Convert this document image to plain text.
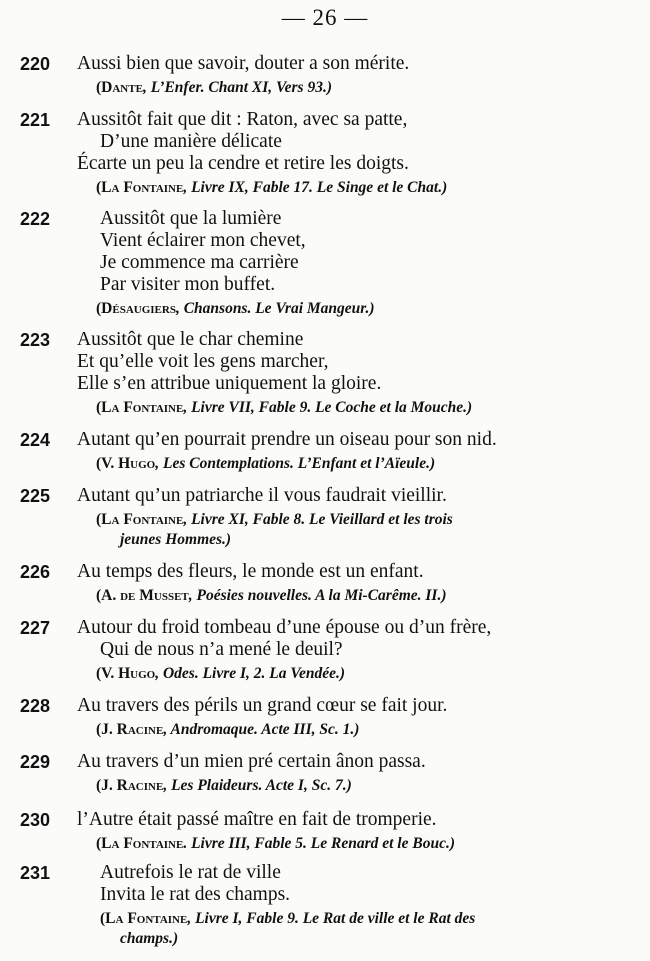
— 26 —
220	Aussi bien que savoir, douter a son mérite.
(Dante, L’Enfer. Chant XI, Vers 93.)
221	Aussitôt fait que dit : Raton, avec sa patte,
D’une manière délicate
Écarte un peu la cendre et retire les doigts.
(La Fontaine, Livre IX, Fable 17. Le Singe et le Chat.)
222	Aussitôt que la lumière
Vient éclairer mon chevet,
Je commence ma carrière
Par visiter mon buffet.
(Désaugiers, Chansons. Le Vrai Mangeur.)
223	Aussitôt que le char chemine
Et qu’elle voit les gens marcher,
Elle s’en attribue uniquement la gloire.
(La Fontaine, Livre VII, Fable 9. Le Coche et la Mouche.)
224	Autant qu’en pourrait prendre un oiseau pour son nid.
(V. Hugo, Les Contemplations. L’Enfant et l’Aïeule.)
225	Autant qu’un patriarche il vous faudrait vieillir.
(La Fontaine, Livre XI, Fable 8. Le Vieillard et les trois
jeunes Hommes.)
226	Au temps des fleurs, le monde est un enfant.
(A. de Musset, Poésies nouvelles. A la Mi-Carême. II.)
227	Autour du froid tombeau d’une épouse ou d’un frère,
Qui de nous n’a mené le deuil?
(V. Hugo, Odes. Livre I, 2. La Vendée.)
228	Au travers des périls un grand cœur se fait jour.
(J. Racine, Andromaque. Acte III, Sc. 1.)
229	Au travers d’un mien pré certain ânon passa.
(J. Racine, Les Plaideurs. Acte I, Sc. 7.)
230	l’Autre était passé maître en fait de tromperie.
(La Fontaine. Livre III, Fable 5. Le Renard et le Bouc.)
231	Autrefois le rat de ville
Invita le rat des champs.
(La Fontaine, Livre I, Fable 9. Le Rat de ville et le Rat des
champs.)
